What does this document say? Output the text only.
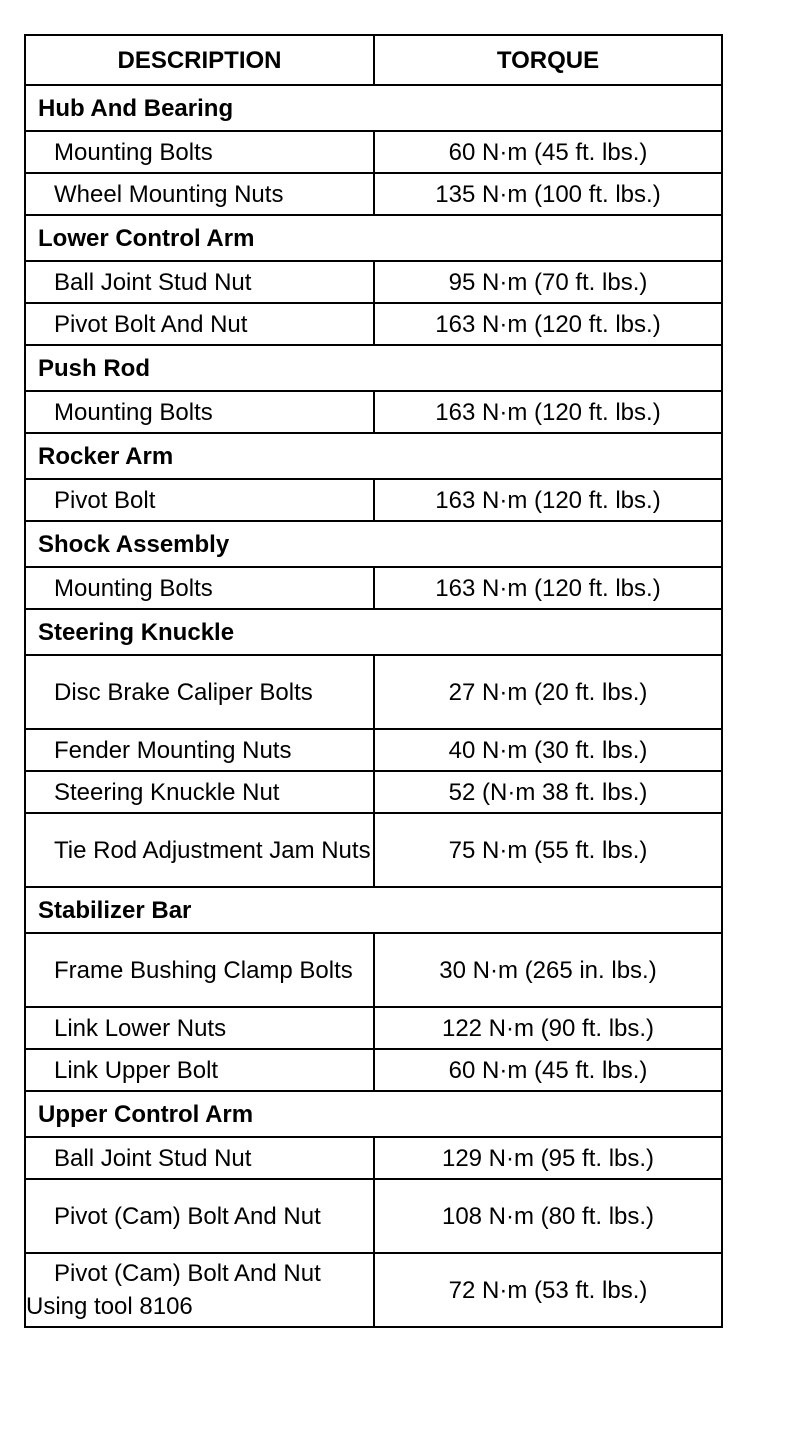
DESCRIPTION	TORQUE
Hub And Bearing	
Mounting Bolts	60 N·m (45 ft. lbs.)
Wheel Mounting Nuts	135 N·m (100 ft. lbs.)
Lower Control Arm	
Ball Joint Stud Nut	95 N·m (70 ft. lbs.)
Pivot Bolt And Nut	163 N·m (120 ft. lbs.)
Push Rod	
Mounting Bolts	163 N·m (120 ft. lbs.)
Rocker Arm	
Pivot Bolt	163 N·m (120 ft. lbs.)
Shock Assembly	
Mounting Bolts	163 N·m (120 ft. lbs.)
Steering Knuckle	
Disc Brake Caliper Bolts	27 N·m (20 ft. lbs.)
Fender Mounting Nuts	40 N·m (30 ft. lbs.)
Steering Knuckle Nut	52 (N·m 38 ft. lbs.)
Tie Rod Adjustment Jam Nuts	75 N·m (55 ft. lbs.)
Stabilizer Bar	
Frame Bushing Clamp Bolts	30 N·m (265 in. lbs.)
Link Lower Nuts	122 N·m (90 ft. lbs.)
Link Upper Bolt	60 N·m (45 ft. lbs.)
Upper Control Arm	
Ball Joint Stud Nut	129 N·m (95 ft. lbs.)
Pivot (Cam) Bolt And Nut	108 N·m (80 ft. lbs.)
Pivot (Cam) Bolt And Nut Using tool 8106	72 N·m (53 ft. lbs.)
